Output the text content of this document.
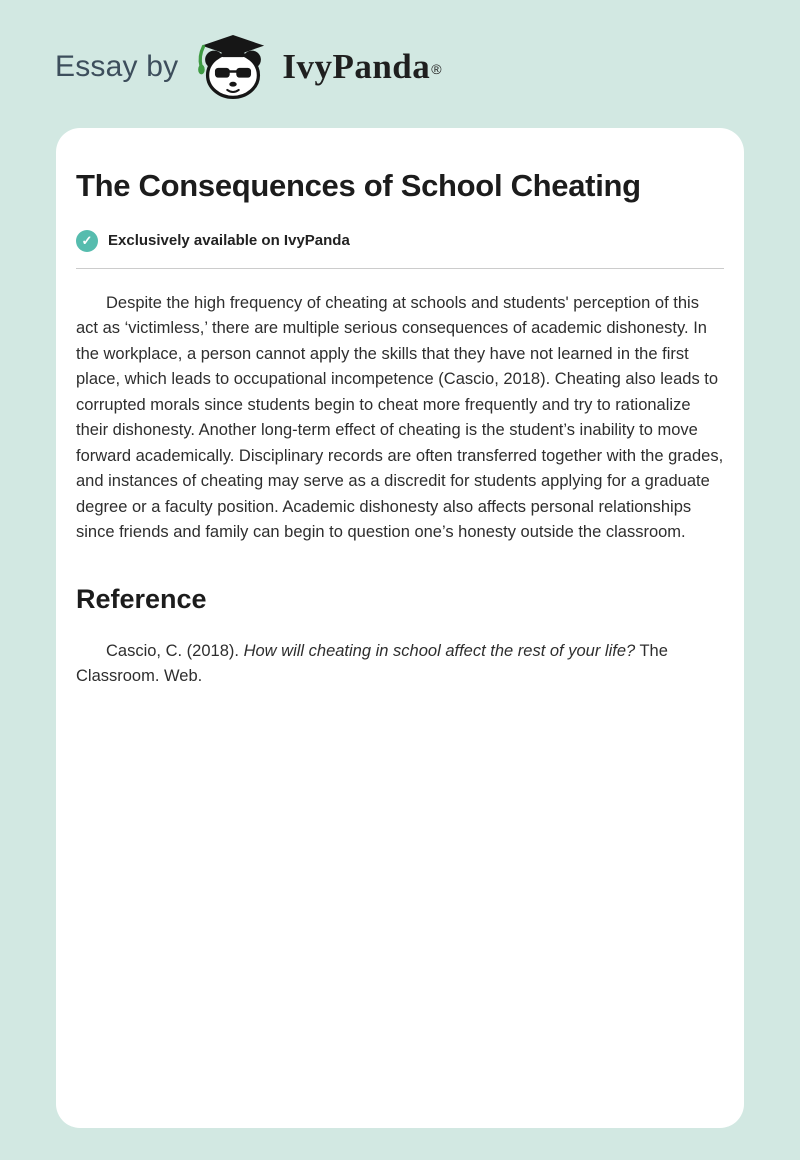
Essay by	IvyPanda ®
The Consequences of School Cheating
✓	Exclusively available on IvyPanda

Despite the high frequency of cheating at schools and students' perception of this act as ‘victimless,’ there are multiple serious consequences of academic dishonesty. In the workplace, a person cannot apply the skills that they have not learned in the first place, which leads to occupational incompetence (Cascio, 2018). Cheating also leads to corrupted morals since students begin to cheat more frequently and try to rationalize their dishonesty. Another long-term effect of cheating is the student’s inability to move forward academically. Disciplinary records are often transferred together with the grades, and instances of cheating may serve as a discredit for students applying for a graduate degree or a faculty position. Academic dishonesty also affects personal relationships since friends and family can begin to question one’s honesty outside the classroom.

Reference

Cascio, C. (2018). How will cheating in school affect the rest of your life? The Classroom. Web.
